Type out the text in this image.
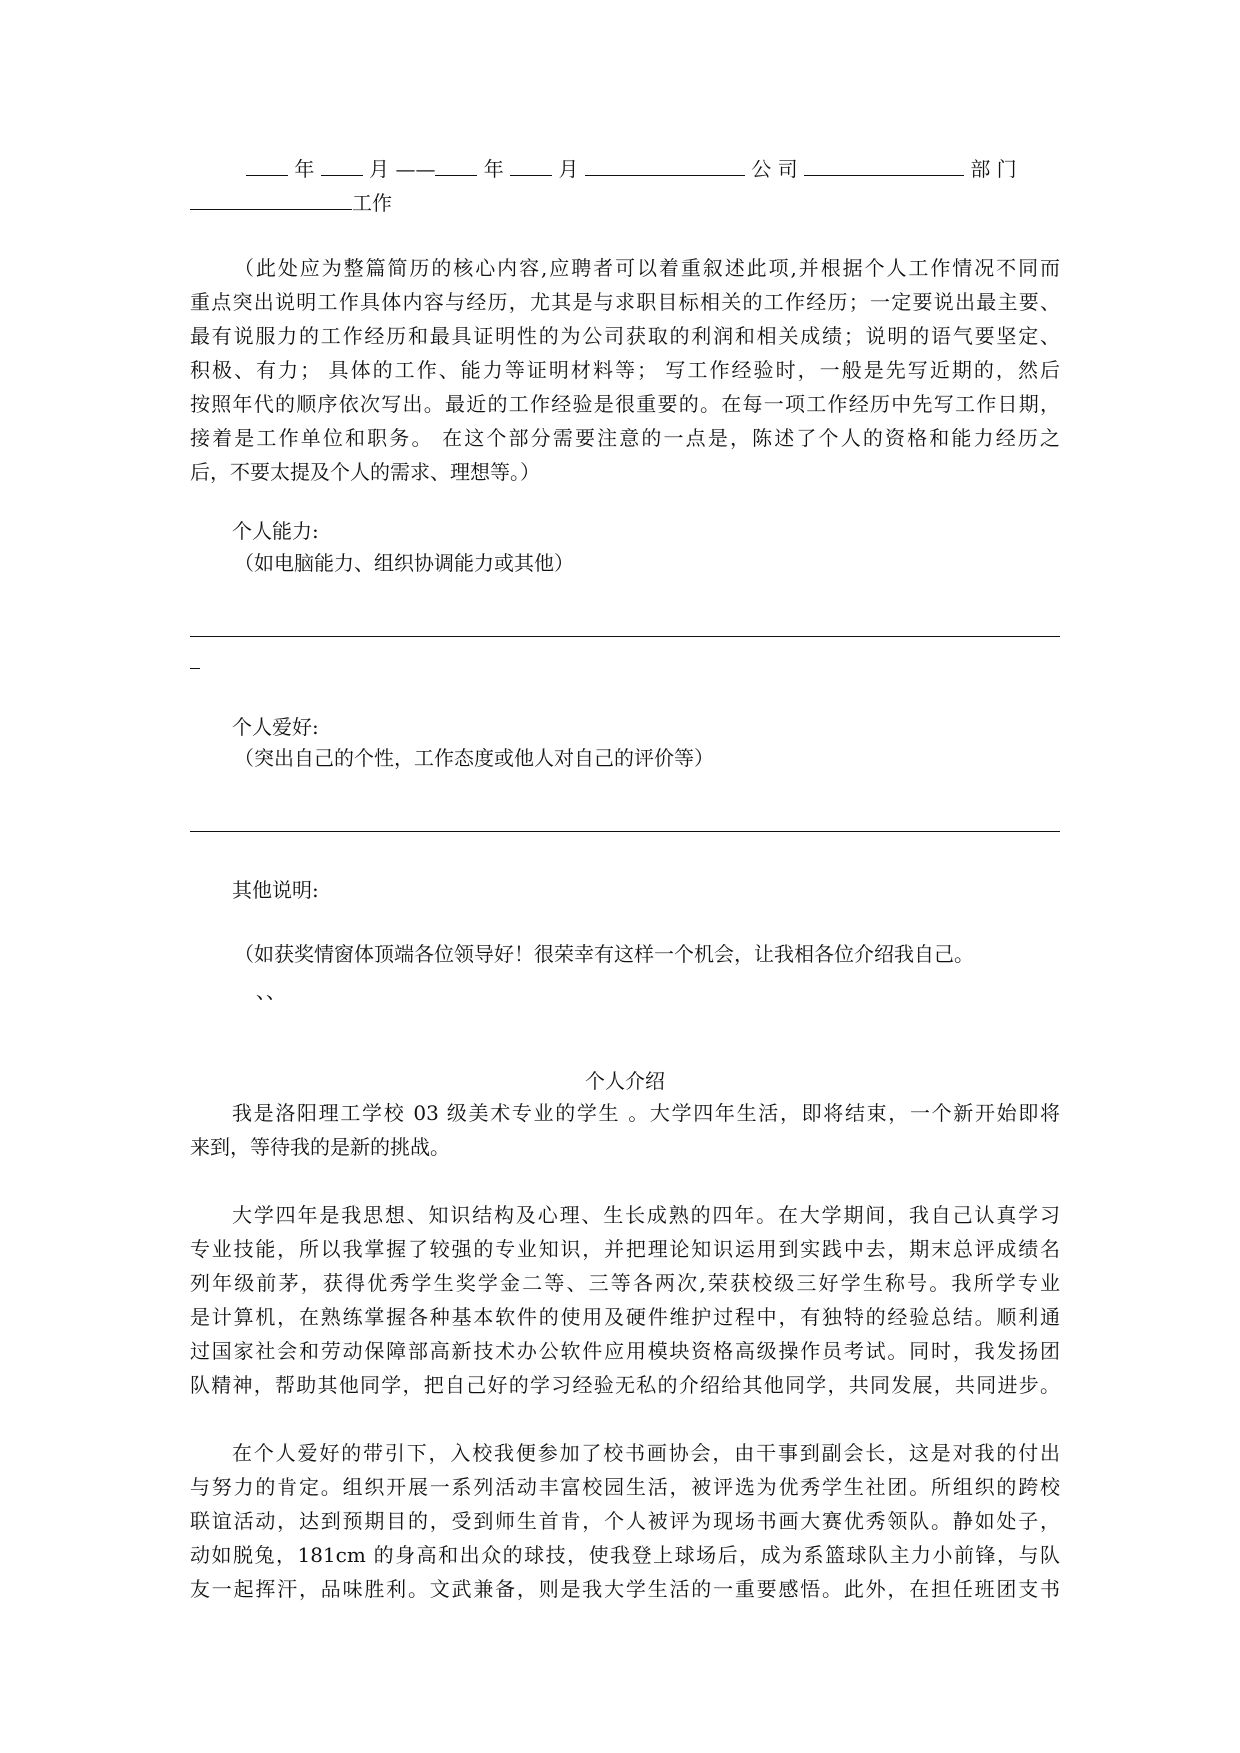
年	月 —— 年	月	公 司	部 门
工作
（此处应为整篇简历的核心内容,应聘者可以着重叙述此项,并根据个人工作情况不同而
重点突出说明工作具体内容与经历，尤其是与求职目标相关的工作经历；一定要说出最主要、
最有说服力的工作经历和最具证明性的为公司获取的利润和相关成绩；说明的语气要坚定、
积极、有力； 具体的工作、能力等证明材料等； 写工作经验时，一般是先写近期的，然后
按照年代的顺序依次写出。最近的工作经验是很重要的。在每一项工作经历中先写工作日期，
接着是工作单位和职务。 在这个部分需要注意的一点是，陈述了个人的资格和能力经历之
后，不要太提及个人的需求、理想等。）
个人能力:
（如电脑能力、组织协调能力或其他）
个人爱好:
（突出自己的个性，工作态度或他人对自己的评价等）
其他说明:
（如获奖情窗体顶端各位领导好！很荣幸有这样一个机会，让我相各位介绍我自己。
、、
个人介绍
我是洛阳理工学校 03 级美术专业的学生 。大学四年生活，即将结束，一个新开始即将
来到，等待我的是新的挑战。
大学四年是我思想、知识结构及心理、生长成熟的四年。在大学期间，我自己认真学习
专业技能，所以我掌握了较强的专业知识，并把理论知识运用到实践中去，期末总评成绩名
列年级前茅，获得优秀学生奖学金二等、三等各两次,荣获校级三好学生称号。我所学专业
是计算机，在熟练掌握各种基本软件的使用及硬件维护过程中，有独特的经验总结。顺利通
过国家社会和劳动保障部高新技术办公软件应用模块资格高级操作员考试。同时，我发扬团
队精神，帮助其他同学，把自己好的学习经验无私的介绍给其他同学，共同发展，共同进步。
在个人爱好的带引下，入校我便参加了校书画协会，由干事到副会长，这是对我的付出
与努力的肯定。组织开展一系列活动丰富校园生活，被评选为优秀学生社团。所组织的跨校
联谊活动，达到预期目的，受到师生首肯，个人被评为现场书画大赛优秀领队。静如处子，
动如脱兔，181cm 的身高和出众的球技，使我登上球场后，成为系篮球队主力小前锋，与队
友一起挥汗，品味胜利。文武兼备，则是我大学生活的一重要感悟。此外，在担任班团支书
